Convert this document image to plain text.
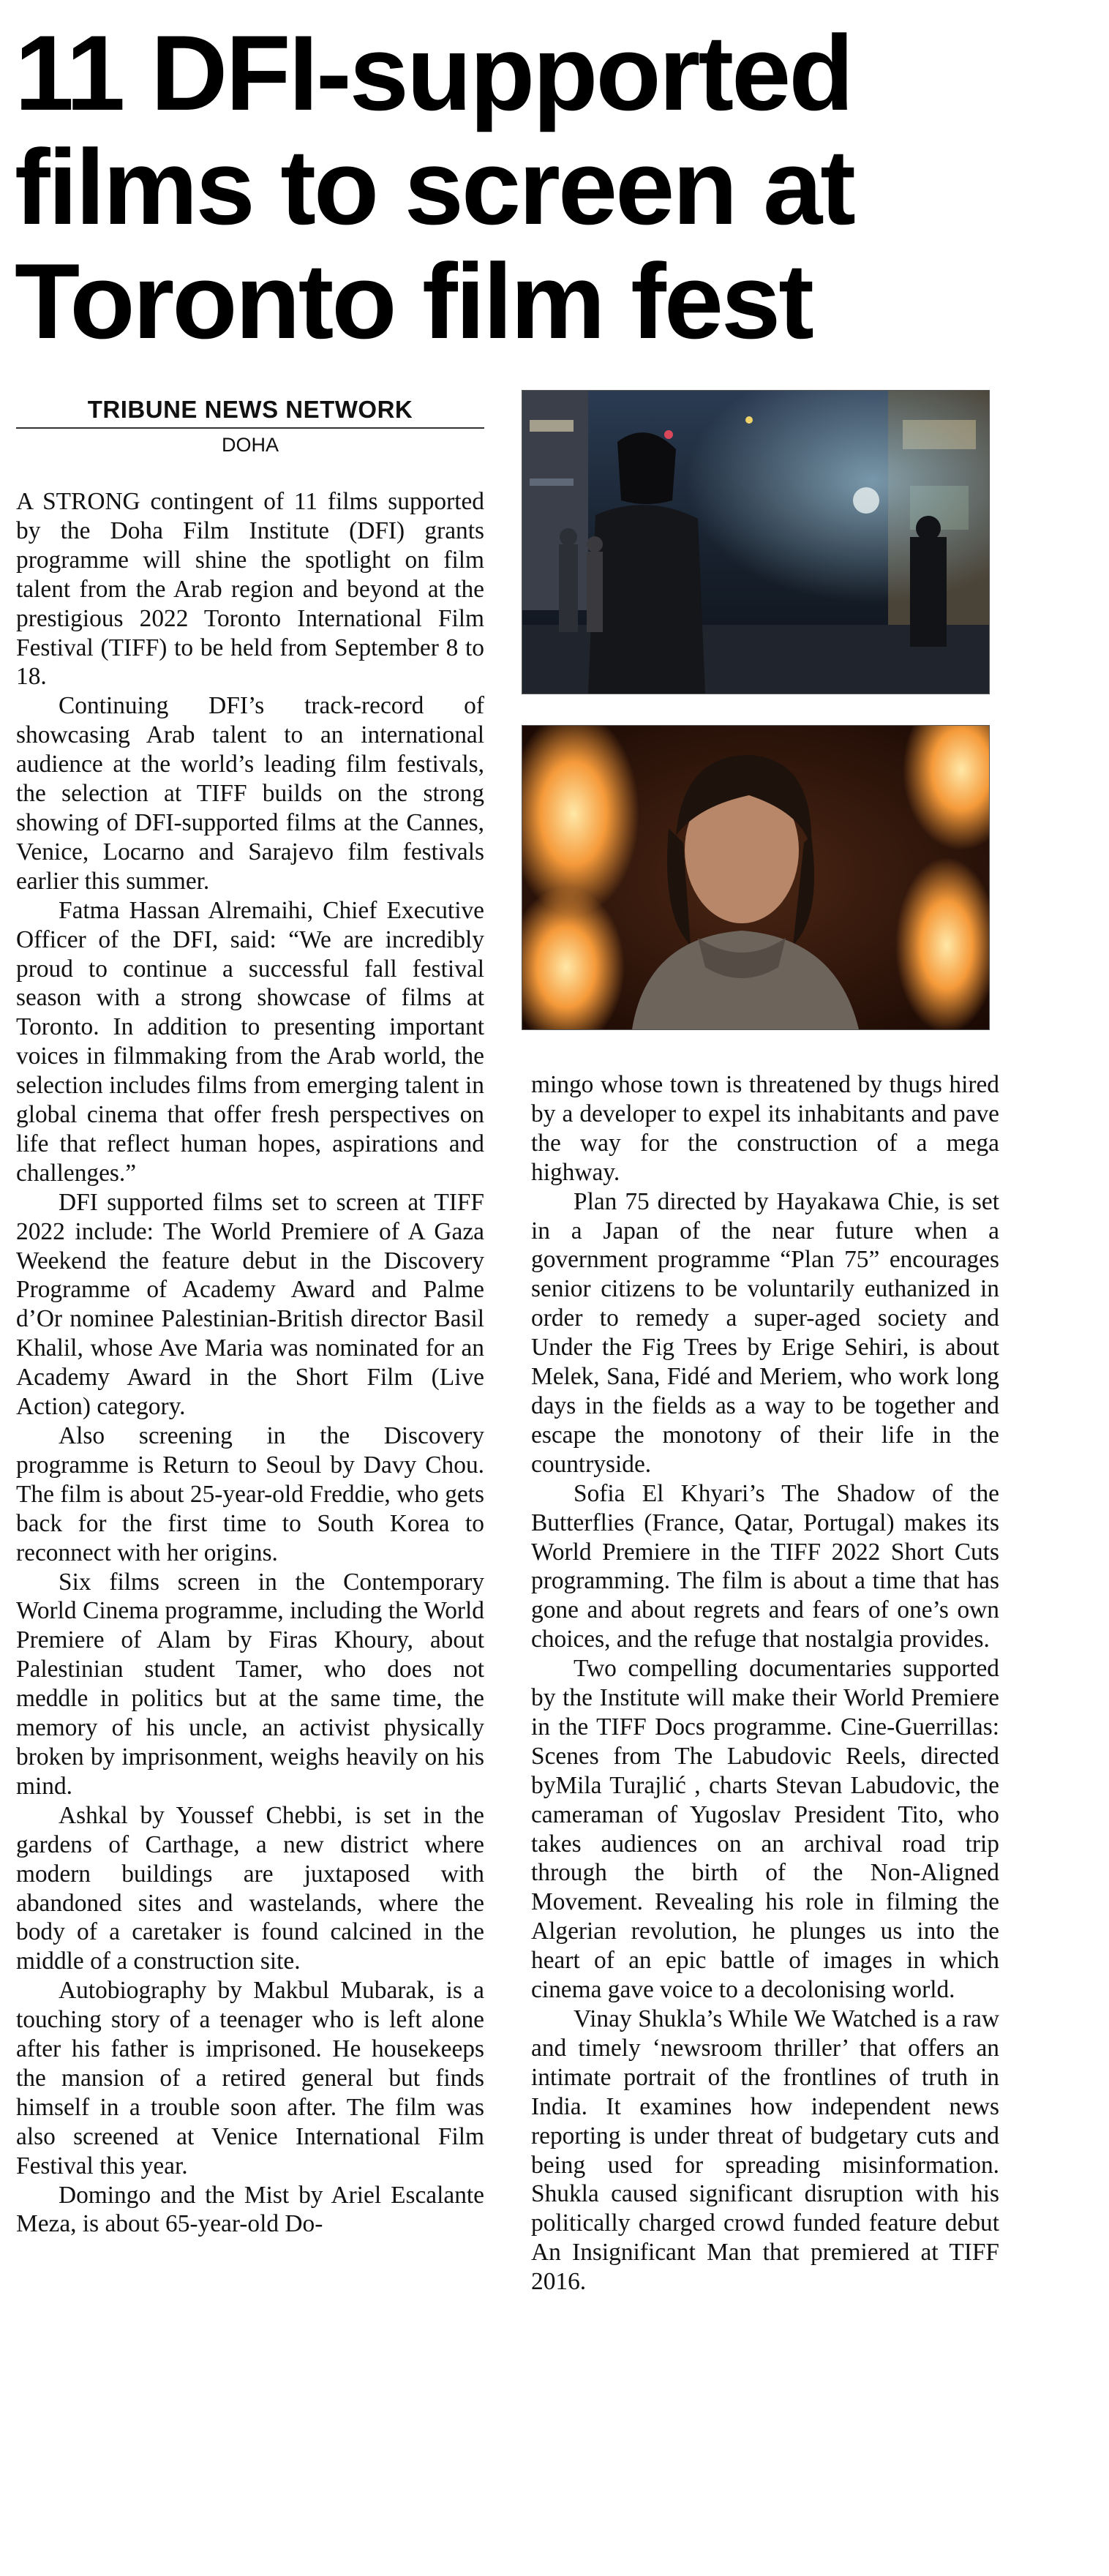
11 DFI-supported
films to screen at
Toronto film fest
TRIBUNE NEWS NETWORK
DOHA

A STRONG contingent of 11 films supported by the Doha Film Institute (DFI) grants programme will shine the spotlight on film talent from the Arab region and beyond at the prestigious 2022 Toronto International Film Festival (TIFF) to be held from September 8 to 18.

Continuing DFI’s track-record of showcasing Arab talent to an international audience at the world’s leading film festivals, the selection at TIFF builds on the strong showing of DFI-supported films at the Cannes, Venice, Locarno and Sarajevo film festivals earlier this summer.

Fatma Hassan Alremaihi, Chief Executive Officer of the DFI, said: “We are incredibly proud to continue a successful fall festival season with a strong showcase of films at Toronto. In addition to presenting important voices in filmmaking from the Arab world, the selection includes films from emerging talent in global cinema that offer fresh perspectives on life that reflect human hopes, aspirations and challenges.”

DFI supported films set to screen at TIFF 2022 include: The World Premiere of A Gaza Weekend the feature debut in the Discovery Programme of Academy Award and Palme d’Or nominee Palestinian-British director Basil Khalil, whose Ave Maria was nominated for an Academy Award in the Short Film (Live Action) category.

Also screening in the Discovery programme is Return to Seoul by Davy Chou. The film is about 25-year-old Freddie, who gets back for the first time to South Korea to reconnect with her origins.

Six films screen in the Contemporary World Cinema programme, including the World Premiere of Alam by Firas Khoury, about Palestinian student Tamer, who does not meddle in politics but at the same time, the memory of his uncle, an activist physically broken by imprisonment, weighs heavily on his mind.

Ashkal by Youssef Chebbi, is set in the gardens of Carthage, a new district where modern buildings are juxtaposed with abandoned sites and wastelands, where the body of a caretaker is found calcined in the middle of a construction site.

Autobiography by Makbul Mubarak, is a touching story of a teenager who is left alone after his father is imprisoned. He housekeeps the mansion of a retired general but finds himself in a trouble soon after. The film was also screened at Venice International Film Festival this year.

Domingo and the Mist by Ariel Escalante Meza, is about 65-year-old Do-

mingo whose town is threatened by thugs hired by a developer to expel its inhabitants and pave the way for the construction of a mega highway.

Plan 75 directed by Hayakawa Chie, is set in a Japan of the near future when a government programme “Plan 75” encourages senior citizens to be voluntarily euthanized in order to remedy a super-aged society and Under the Fig Trees by Erige Sehiri, is about Melek, Sana, Fidé and Meriem, who work long days in the fields as a way to be together and escape the monotony of their life in the countryside.

Sofia El Khyari’s The Shadow of the Butterflies (France, Qatar, Portugal) makes its World Premiere in the TIFF 2022 Short Cuts programming. The film is about a time that has gone and about regrets and fears of one’s own choices, and the refuge that nostalgia provides.

Two compelling documentaries supported by the Institute will make their World Premiere in the TIFF Docs programme. Cine-Guerrillas: Scenes from The Labudovic Reels, directed byMila Turajlić , charts Stevan Labudovic, the cameraman of Yugoslav President Tito, who takes audiences on an archival road trip through the birth of the Non-Aligned Movement. Revealing his role in filming the Algerian revolution, he plunges us into the heart of an epic battle of images in which cinema gave voice to a decolonising world.

Vinay Shukla’s While We Watched is a raw and timely ‘newsroom thriller’ that offers an intimate portrait of the frontlines of truth in India. It examines how independent news reporting is under threat of budgetary cuts and being used for spreading misinformation. Shukla caused significant disruption with his politically charged crowd funded feature debut An Insignificant Man that premiered at TIFF 2016.
